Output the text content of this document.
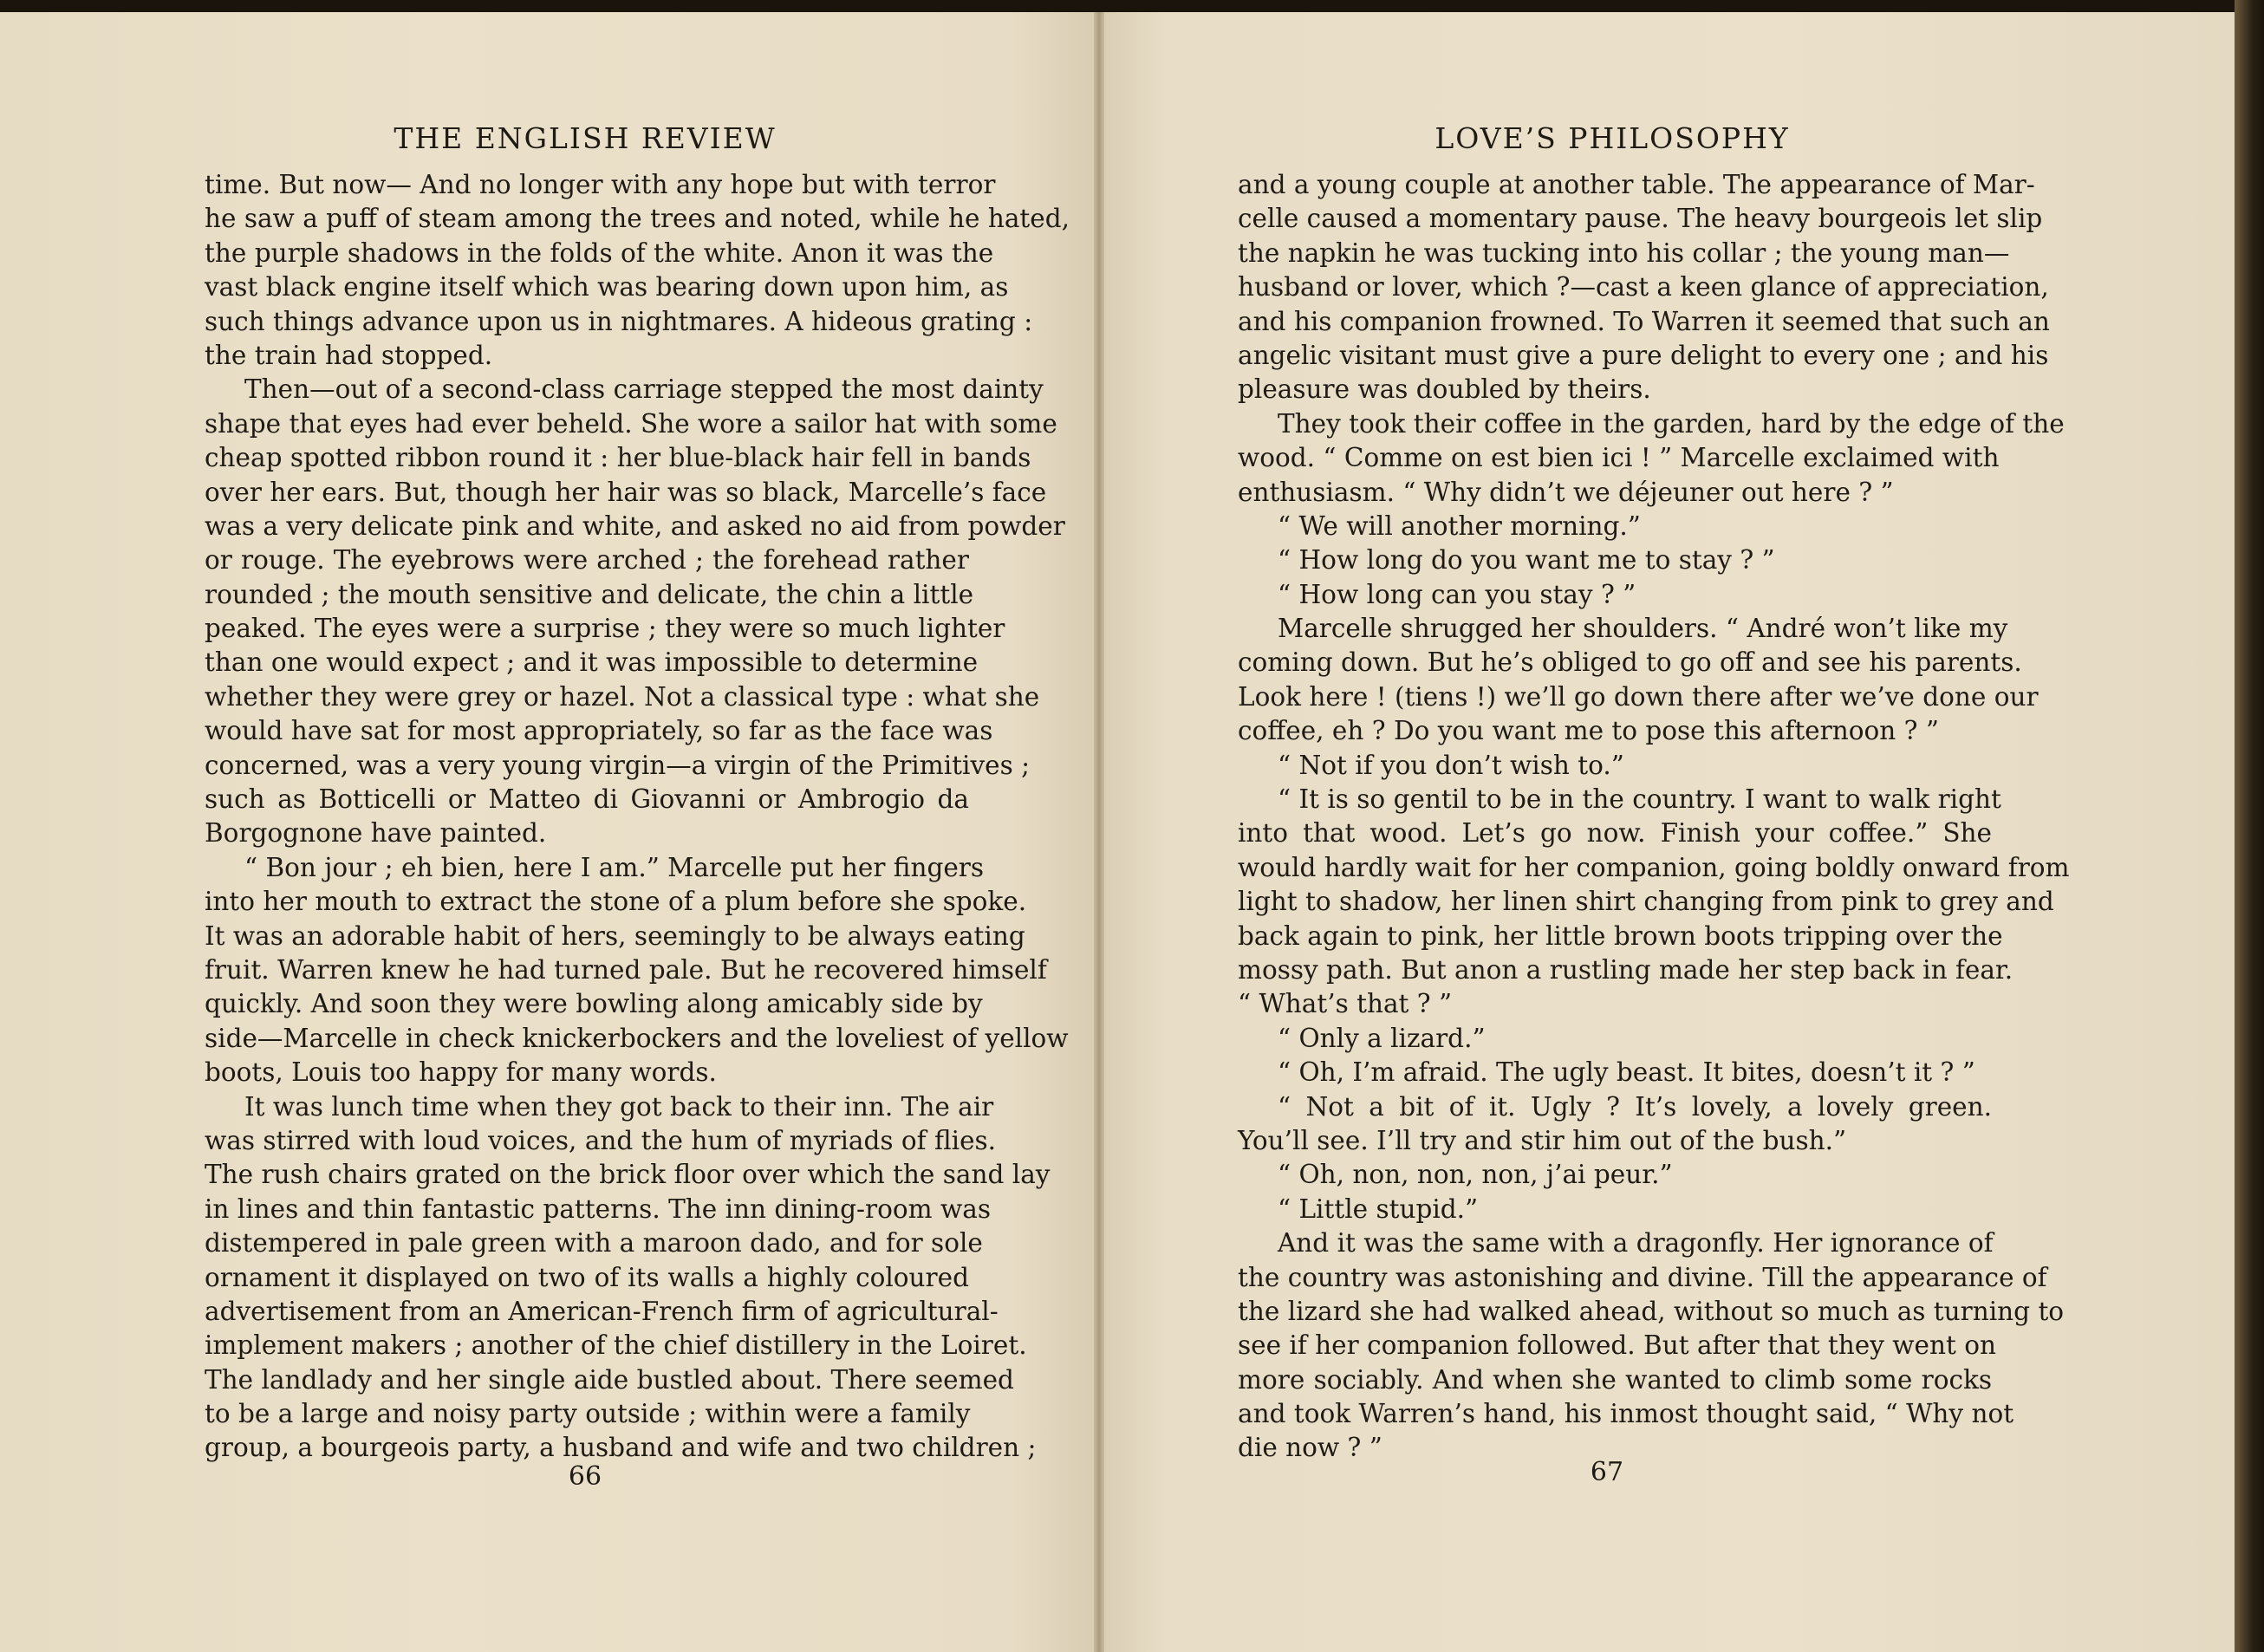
THE ENGLISH REVIEW
time. But now— And no longer with any hope but with terror
he saw a puff of steam among the trees and noted, while he hated,
the purple shadows in the folds of the white. Anon it was the
vast black engine itself which was bearing down upon him, as
such things advance upon us in nightmares. A hideous grating :
the train had stopped.
Then—out of a second-class carriage stepped the most dainty
shape that eyes had ever beheld. She wore a sailor hat with some
cheap spotted ribbon round it : her blue-black hair fell in bands
over her ears. But, though her hair was so black, Marcelle’s face
was a very delicate pink and white, and asked no aid from powder
or rouge. The eyebrows were arched ; the forehead rather
rounded ; the mouth sensitive and delicate, the chin a little
peaked. The eyes were a surprise ; they were so much lighter
than one would expect ; and it was impossible to determine
whether they were grey or hazel. Not a classical type : what she
would have sat for most appropriately, so far as the face was
concerned, was a very young virgin—a virgin of the Primitives ;
such as Botticelli or Matteo di Giovanni or Ambrogio da
Borgognone have painted.
“ Bon jour ; eh bien, here I am.” Marcelle put her fingers
into her mouth to extract the stone of a plum before she spoke.
It was an adorable habit of hers, seemingly to be always eating
fruit. Warren knew he had turned pale. But he recovered himself
quickly. And soon they were bowling along amicably side by
side—Marcelle in check knickerbockers and the loveliest of yellow
boots, Louis too happy for many words.
It was lunch time when they got back to their inn. The air
was stirred with loud voices, and the hum of myriads of flies.
The rush chairs grated on the brick floor over which the sand lay
in lines and thin fantastic patterns. The inn dining-room was
distempered in pale green with a maroon dado, and for sole
ornament it displayed on two of its walls a highly coloured
advertisement from an American-French firm of agricultural-
implement makers ; another of the chief distillery in the Loiret.
The landlady and her single aide bustled about. There seemed
to be a large and noisy party outside ; within were a family
group, a bourgeois party, a husband and wife and two children ;
66
LOVE’S PHILOSOPHY
and a young couple at another table. The appearance of Mar-
celle caused a momentary pause. The heavy bourgeois let slip
the napkin he was tucking into his collar ; the young man—
husband or lover, which ?—cast a keen glance of appreciation,
and his companion frowned. To Warren it seemed that such an
angelic visitant must give a pure delight to every one ; and his
pleasure was doubled by theirs.
They took their coffee in the garden, hard by the edge of the
wood. “ Comme on est bien ici ! ” Marcelle exclaimed with
enthusiasm. “ Why didn’t we déjeuner out here ? ”
“ We will another morning.”
“ How long do you want me to stay ? ”
“ How long can you stay ? ”
Marcelle shrugged her shoulders. “ André won’t like my
coming down. But he’s obliged to go off and see his parents.
Look here ! (tiens !) we’ll go down there after we’ve done our
coffee, eh ? Do you want me to pose this afternoon ? ”
“ Not if you don’t wish to.”
“ It is so gentil to be in the country. I want to walk right
into that wood. Let’s go now. Finish your coffee.” She
would hardly wait for her companion, going boldly onward from
light to shadow, her linen shirt changing from pink to grey and
back again to pink, her little brown boots tripping over the
mossy path. But anon a rustling made her step back in fear.
“ What’s that ? ”
“ Only a lizard.”
“ Oh, I’m afraid. The ugly beast. It bites, doesn’t it ? ”
“ Not a bit of it. Ugly ? It’s lovely, a lovely green.
You’ll see. I’ll try and stir him out of the bush.”
“ Oh, non, non, non, j’ai peur.”
“ Little stupid.”
And it was the same with a dragonfly. Her ignorance of
the country was astonishing and divine. Till the appearance of
the lizard she had walked ahead, without so much as turning to
see if her companion followed. But after that they went on
more sociably. And when she wanted to climb some rocks
and took Warren’s hand, his inmost thought said, “ Why not
die now ? ”
67
